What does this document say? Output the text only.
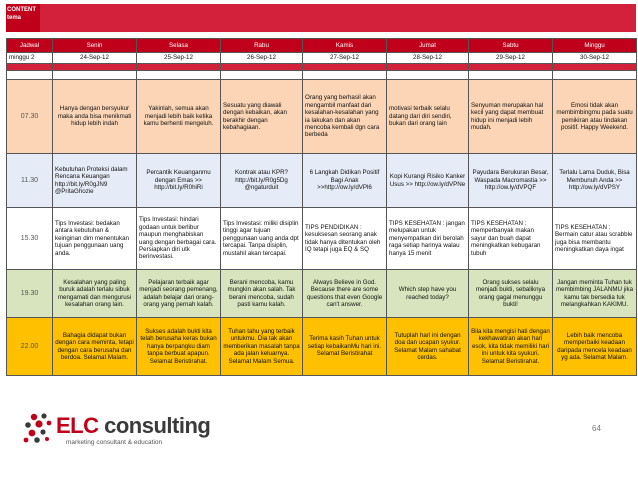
CONTENT tema
Jadwal	Senin	Selasa	Rabu	Kamis	Jumat	Sabtu	Minggu
minggu 2	24-Sep-12	25-Sep-12	26-Sep-12	27-Sep-12	28-Sep-12	29-Sep-12	30-Sep-12

07.30	Hanya dengan bersyukur maka anda bisa menikmati hidup lebih indah	Yakinlah, semua akan menjadi lebih baik ketika kamu berhenti mengeluh.	Sesuatu yang diawali dengan kebaikan, akan berakhir dengan kebahagiaan.	Orang yang berhasil akan mengambil manfaat dari kesalahan-kesalahan yang ia lakukan dan akan mencoba kembali dgn cara berbeda	motivasi terbaik selalu datang dari diri sendiri, bukan dari orang lain	Senyuman merupakan hal kecil yang dapat membuat hidup ini menjadi lebih mudah.	Emosi tidak akan membimbingmu pada suatu pemikiran atau tindakan positif. Happy Weekend.
11.30	Kebutuhan Proteksi dalam Rencana Keuangan http://bit.ly/R0gJN9 @PritaGhozie	Percantik Keuanganmu dengan Emas >> http://bit.ly/R0hiRi	Kontrak atau KPR? http://bit.ly/R0g5Dg @ngaturduit	6 Langkah Didikan Positif Bagi Anak >>http://ow.ly/dVPl6	Kopi Kurangi Risiko Kanker Usus >> http://ow.ly/dVPNe	Payudara Berukuran Besar, Waspada Macromastia >> http://ow.ly/dVPQF	Terlalu Lama Duduk, Bisa Membunuh Anda >> http://ow.ly/dVPSY
15.30	Tips Investasi: bedakan antara kebutuhan & keinginan dim menentukan tujuan penggunaan uang anda.	Tips Investasi: hindari godaan untuk berlibur maupun menghabiskan uang dengan berbagai cara. Persiapkan diri utk berinvestasi.	Tips Investasi: miliki disiplin tinggi agar tujuan penggunaan uang anda dpt tercapai. Tanpa disiplin, mustahil akan tercapai.	TIPS PENDIDIKAN : kesuksesan seorang anak tidak hanya ditentukan oleh IQ tetapi juga EQ & SQ	TIPS KESEHATAN : jangan melupakan untuk menyempatkan diri berolah raga setiap harinya walau hanya 15 menit	TIPS KESEHATAN : memperbanyak makan sayur dan buah dapat meningkatkan kebugaran tubuh	TIPS KESEHATAN : Bermain catur atau scrabble juga bisa membantu meningkatkan daya ingat
19.30	Kesalahan yang paling buruk adalah terlalu sibuk mengamati dan mengurusi kesalahan orang lain.	Pelajaran terbaik agar menjadi seorang pemenang, adalah belajar dari orang-orang yang pernah kalah.	Berani mencoba, kamu mungkin akan salah. Tak berani mencoba, sudah pasti kamu kalah.	Always Believe in God. Because there are some questions that even Google can't answer.	Which step have you reached today?	Orang sukses selalu menjadi bukti, sebaliknya orang gagal menunggu bukti!	Jangan meminta Tuhan tuk membimbing JALANMU jika kamu tak bersedia tuk melangkahkan KAKIMU.
22.00	Bahagia didapat bukan dengan cara meminta, tetapi dengan cara berusaha dan berdoa. Selamat Malam.	Sukses adalah bukti kita telah berusaha keras bukan hanya berpangku diam tanpa berbuat apapun. Selamat Beristirahat.	Tuhan tahu yang terbaik untukmu. Dia tak akan memberikan masalah tanpa ada jalan keluarnya. Selamat Malam Semua.	Terima kasih Tuhan untuk setiap kebaikanMu hari ini. Selamat Beristirahat	Tutuplah hari ini dengan doa dan ucapan syukur. Selamat Malam sahabat cerdas.	Bila kita mengisi hati dengan kekhawatiran akan hari esok, kita tidak memiliki hari ini untuk kita syukuri. Selamat Beristirahat.	Lebih baik mencoba memperbaiki keadaan daripada mencela keadaan yg ada. Selamat Malam.
ELC consulting
marketing consultant & education
64
